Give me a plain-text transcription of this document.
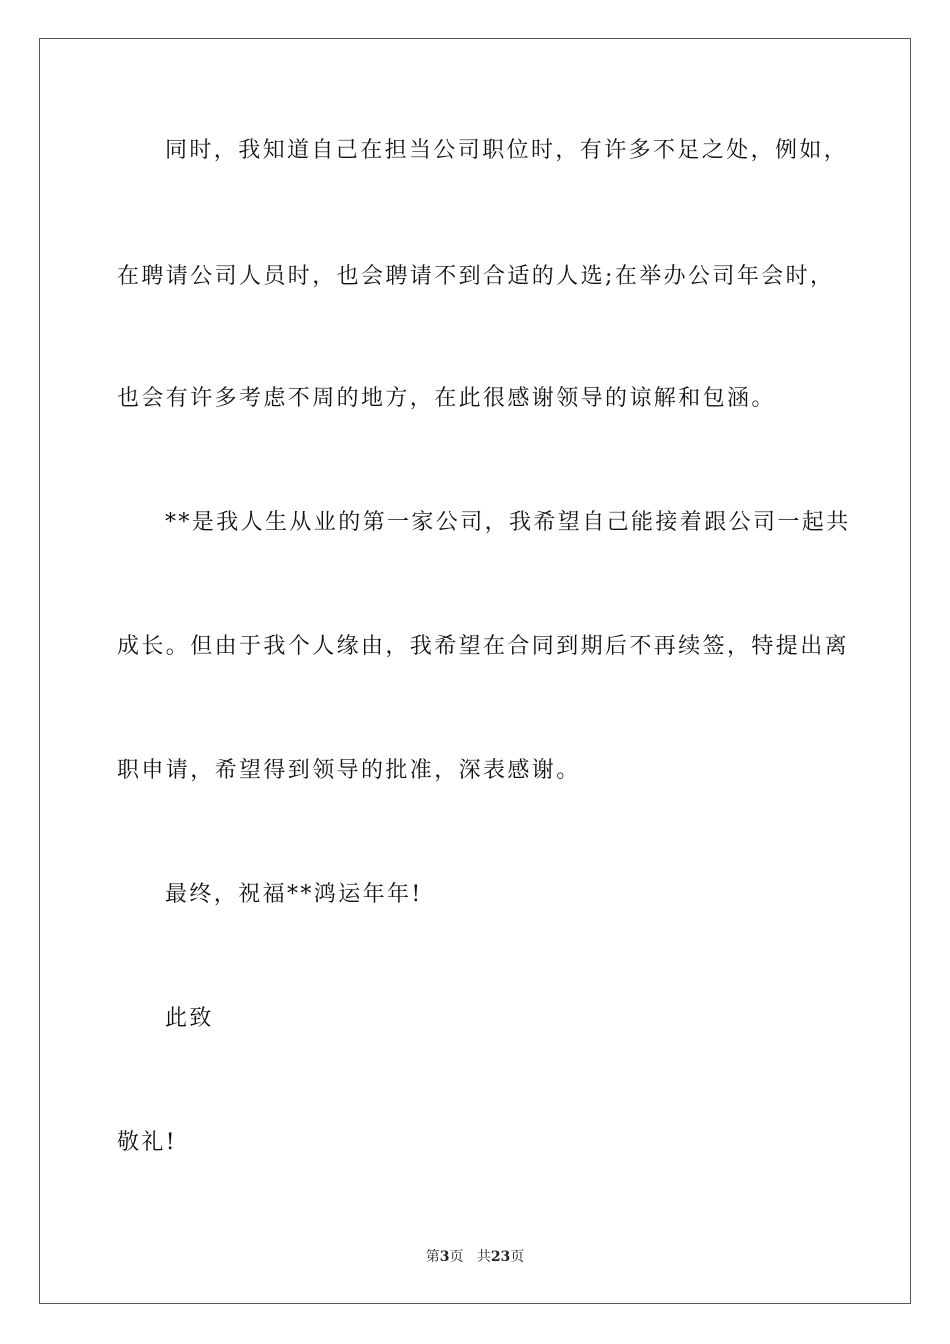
同时，我知道自己在担当公司职位时，有许多不足之处，例如，
在聘请公司人员时，也会聘请不到合适的人选;在举办公司年会时，
也会有许多考虑不周的地方，在此很感谢领导的谅解和包涵。
**是我人生从业的第一家公司，我希望自己能接着跟公司一起共
成长。但由于我个人缘由，我希望在合同到期后不再续签，特提出离
职申请，希望得到领导的批准，深表感谢。
最终，祝福**鸿运年年!
此致
敬礼!
第3页 共23页
